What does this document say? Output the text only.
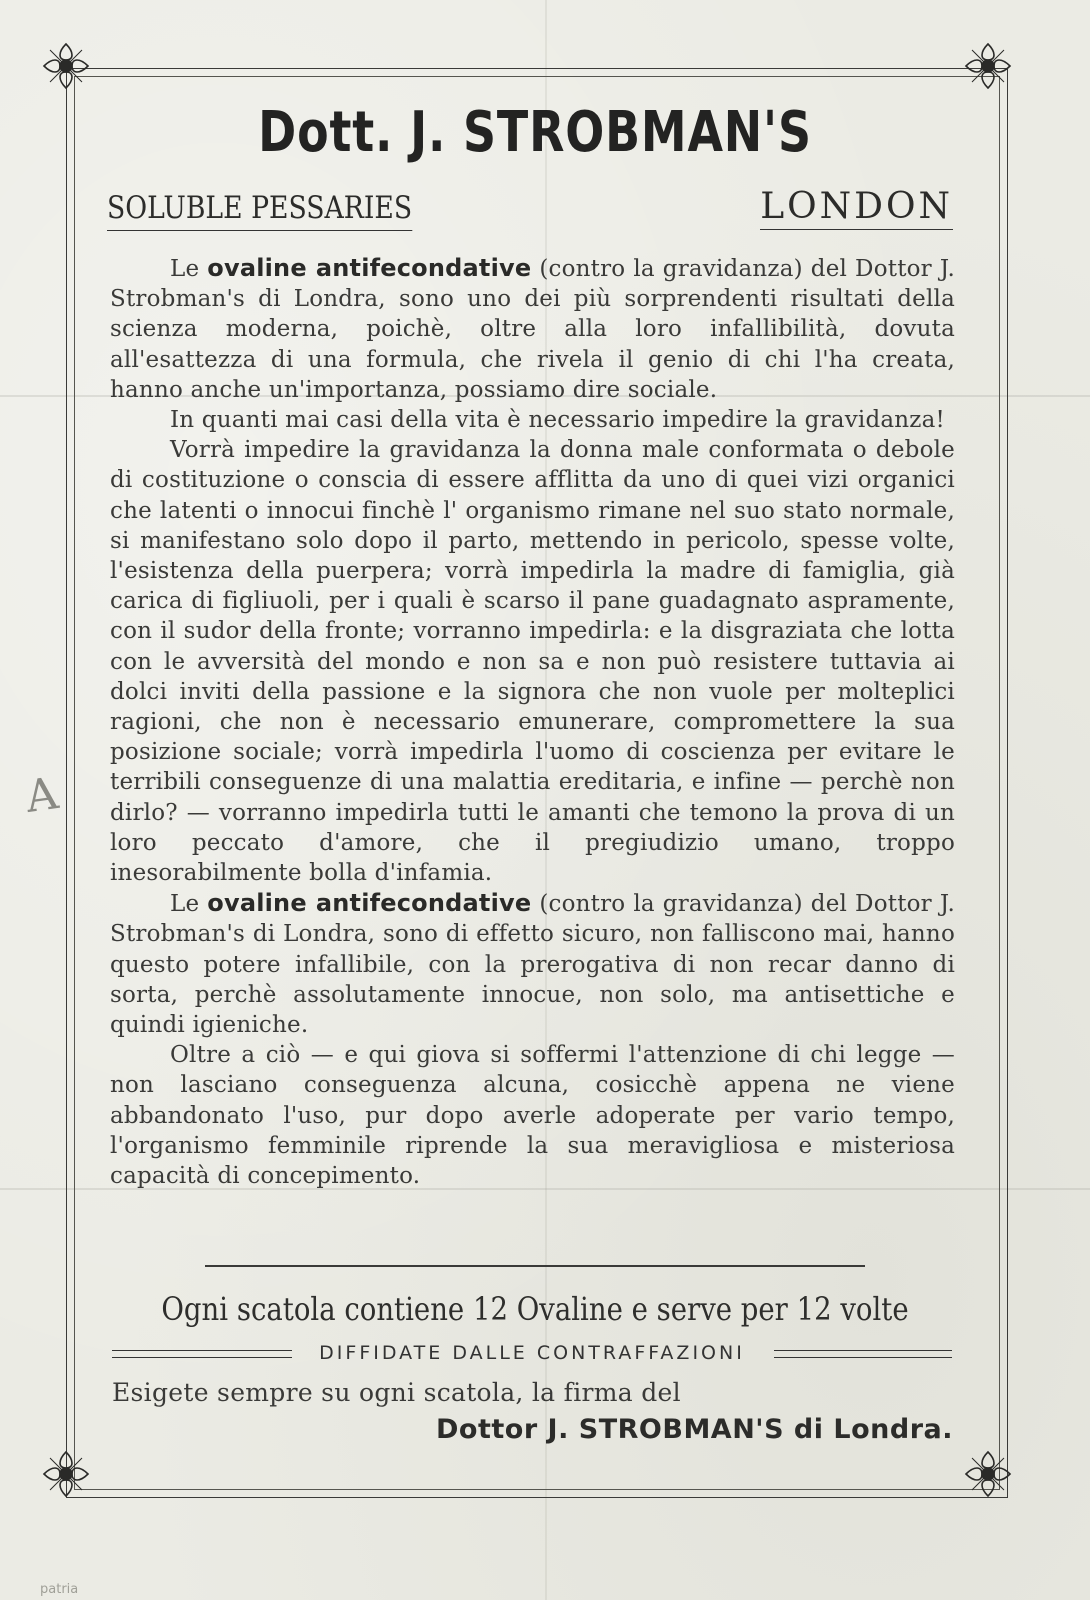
Dott. J. STROBMAN'S
SOLUBLE PESSARIES	LONDON

Le ovaline antifecondative (contro la gravidanza) del Dottor J. Strobman's di Londra, sono uno dei più sorprendenti risultati della scienza moderna, poichè, oltre alla loro infallibilità, dovuta all'esattezza di una formula, che rivela il genio di chi l'ha creata, hanno anche un'importanza, possiamo dire sociale.

In quanti mai casi della vita è necessario impedire la gravidanza!

Vorrà impedire la gravidanza la donna male conformata o debole di costituzione o conscia di essere afflitta da uno di quei vizi organici che latenti o innocui finchè l' organismo rimane nel suo stato normale, si manifestano solo dopo il parto, mettendo in pericolo, spesse volte, l'esistenza della puerpera; vorrà impedirla la madre di famiglia, già carica di figliuoli, per i quali è scarso il pane guadagnato aspramente, con il sudor della fronte; vorranno impedirla: e la disgraziata che lotta con le avversità del mondo e non sa e non può resistere tuttavia ai dolci inviti della passione e la signora che non vuole per molteplici ragioni, che non è necessario emunerare, compromettere la sua posizione sociale; vorrà impedirla l'uomo di coscienza per evitare le terribili conseguenze di una malattia ereditaria, e infine — perchè non dirlo? — vorranno impedirla tutti le amanti che temono la prova di un loro peccato d'amore, che il pregiudizio umano, troppo inesorabilmente bolla d'infamia.

Le ovaline antifecondative (contro la gravidanza) del Dottor J. Strobman's di Londra, sono di effetto sicuro, non falliscono mai, hanno questo potere infallibile, con la prerogativa di non recar danno di sorta, perchè assolutamente innocue, non solo, ma antisettiche e quindi igieniche.

Oltre a ciò — e qui giova si soffermi l'attenzione di chi legge — non lasciano conseguenza alcuna, cosicchè appena ne viene abbandonato l'uso, pur dopo averle adoperate per vario tempo, l'organismo femminile riprende la sua meravigliosa e misteriosa capacità di concepimento.

Ogni scatola contiene 12 Ovaline e serve per 12 volte
DIFFIDATE DALLE CONTRAFFAZIONI
Esigete sempre su ogni scatola, la firma del
Dottor J. STROBMAN'S di Londra.
A
patria
